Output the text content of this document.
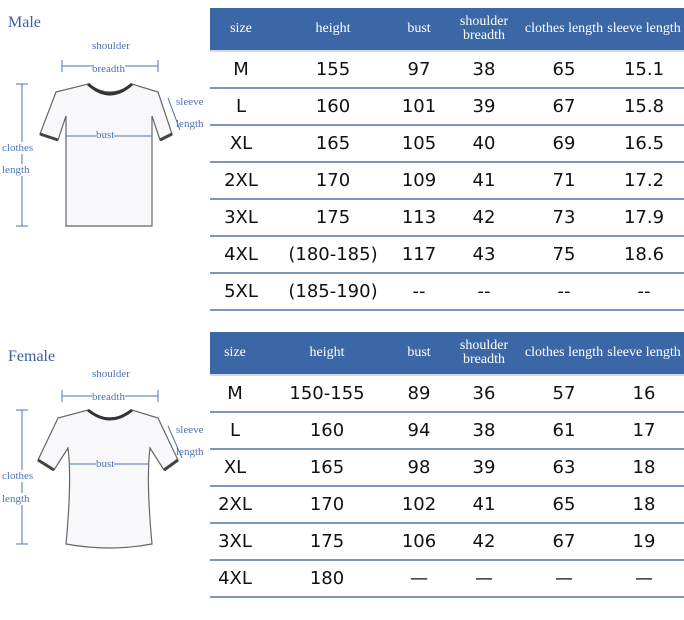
Male
shoulder
breadth
bust
sleeve
length
clothes
length
size	height	bust	shoulder breadth	clothes length	sleeve length
M	155	97	38	65	15.1
L	160	101	39	67	15.8
XL	165	105	40	69	16.5
2XL	170	109	41	71	17.2
3XL	175	113	42	73	17.9
4XL	(180-185)	117	43	75	18.6
5XL	(185-190)	--	--	--	--
Female
shoulder
breadth
bust
sleeve
length
clothes
length
size	height	bust	shoulder breadth	clothes length	sleeve length
M	150-155	89	36	57	16
L	160	94	38	61	17
XL	165	98	39	63	18
2XL	170	102	41	65	18
3XL	175	106	42	67	19
4XL	180	—	—	—	—
